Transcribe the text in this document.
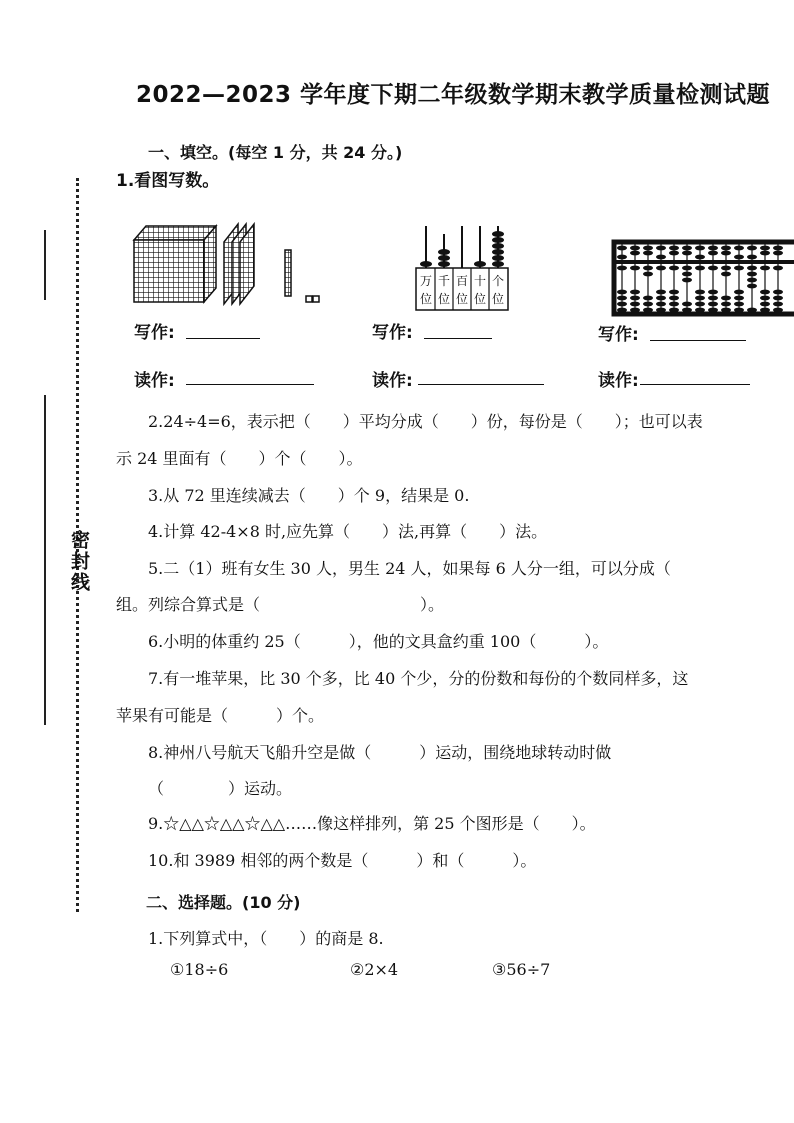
2022—2023 学年度下期二年级数学期末教学质量检测试题
密封线
一、填空。(每空 1 分，共 24 分。)
1.看图写数。
万
位
千
位
百
位
十
位
个
位
写作:	写作:	写作:
读作:	读作:	读作:
2.24÷4=6，表示把（　　）平均分成（　　）份，每份是（　　）；也可以表
示 24 里面有（　　）个（　　）。
3.从 72 里连续减去（　　）个 9，结果是 0.
4.计算 42-4×8 时,应先算（　　）法,再算（　　）法。
5.二（1）班有女生 30 人，男生 24 人，如果每 6 人分一组，可以分成（
组。列综合算式是（　　　　　　　　　　）。
6.小明的体重约 25（　　　），他的文具盒约重 100（　　　）。
7.有一堆苹果，比 30 个多，比 40 个少，分的份数和每份的个数同样多，这
苹果有可能是（　　　）个。
8.神州八号航天飞船升空是做（　　　）运动，围绕地球转动时做
（　　　　）运动。
9.☆△△☆△△☆△△……像这样排列，第 25 个图形是（　　）。
10.和 3989 相邻的两个数是（　　　）和（　　　）。
二、选择题。(10 分)
1.下列算式中，（　　）的商是 8.
①18÷6	②2×4	③56÷7
